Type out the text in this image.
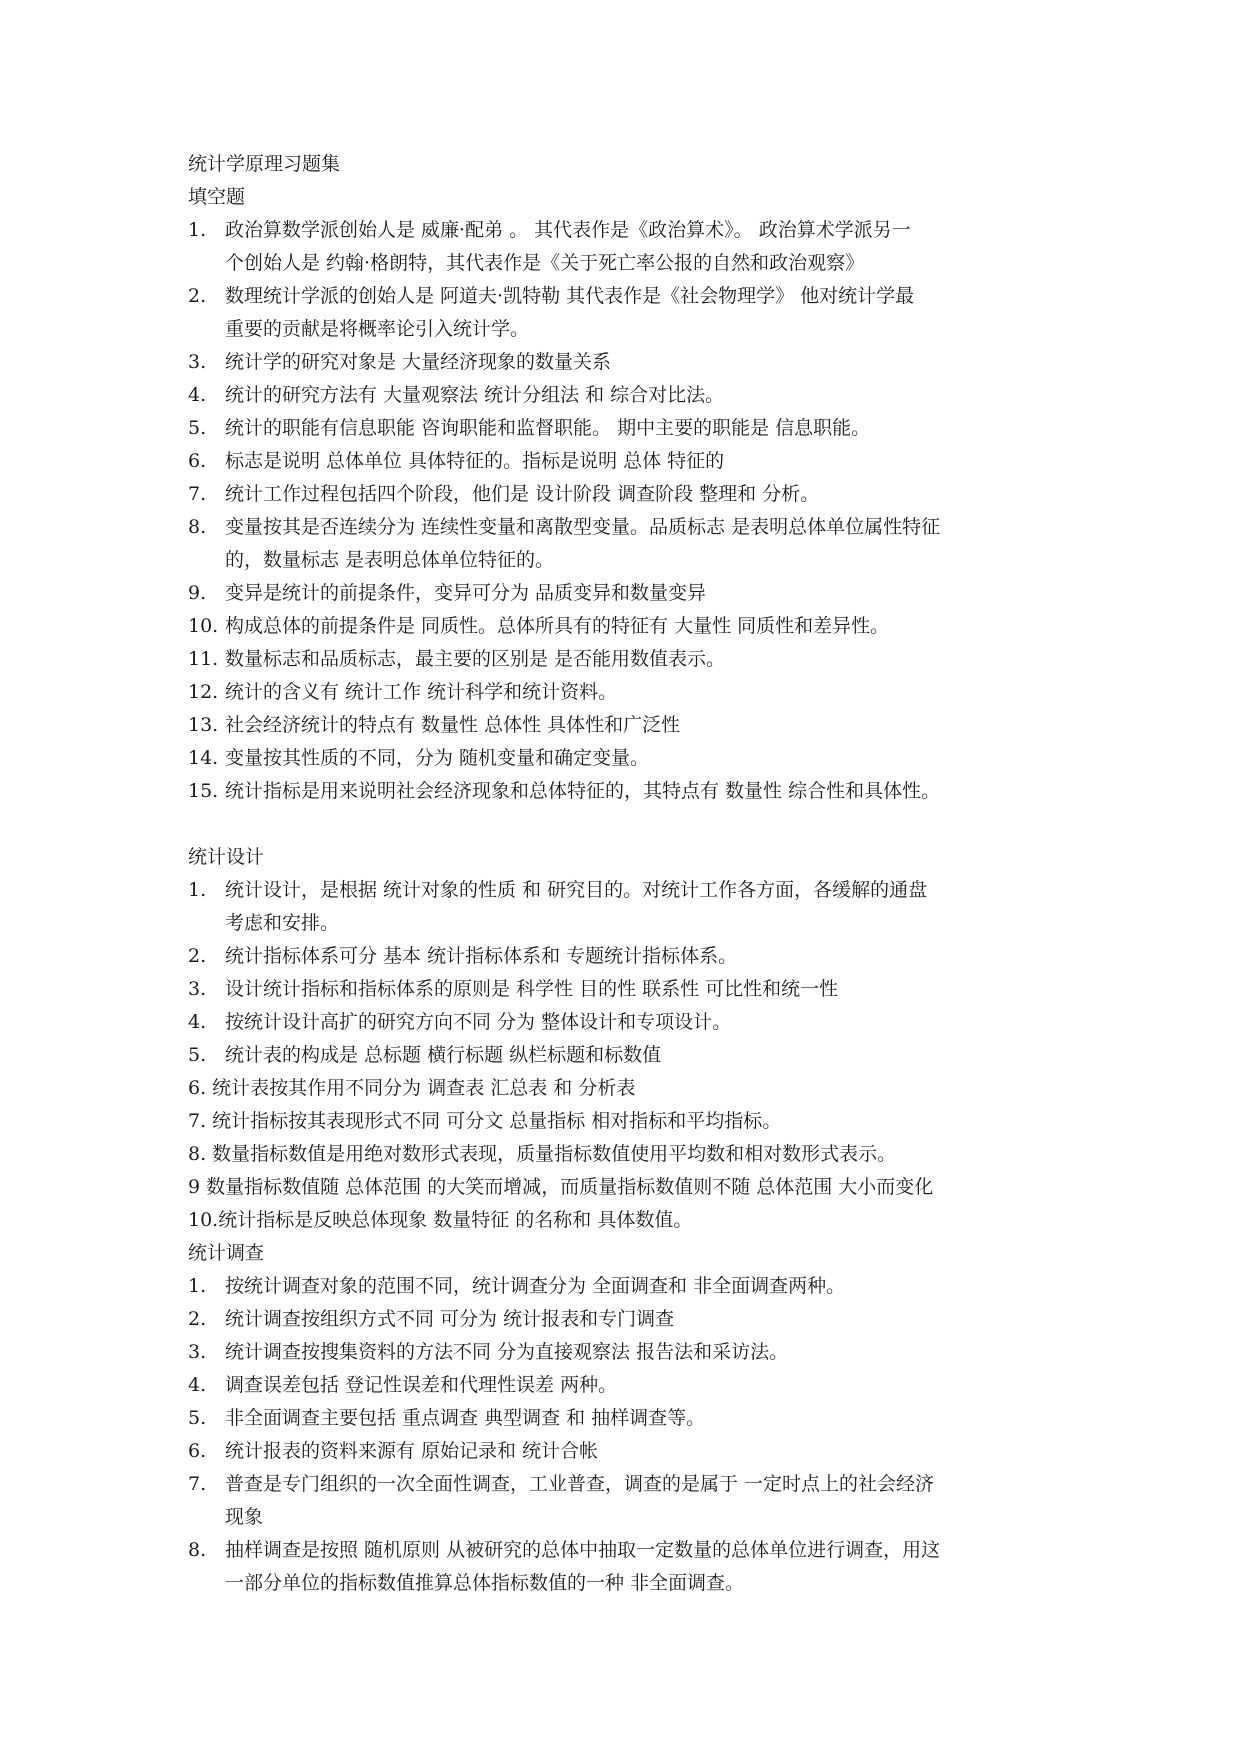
统计学原理习题集
填空题
1. 政治算数学派创始人是 威廉·配弟 。 其代表作是《政治算术》。 政治算术学派另一
个创始人是 约翰·格朗特，其代表作是《关于死亡率公报的自然和政治观察》
2. 数理统计学派的创始人是 阿道夫·凯特勒 其代表作是《社会物理学》 他对统计学最
重要的贡献是将概率论引入统计学。
3. 统计学的研究对象是 大量经济现象的数量关系
4. 统计的研究方法有 大量观察法 统计分组法 和 综合对比法。
5. 统计的职能有信息职能 咨询职能和监督职能。 期中主要的职能是 信息职能。
6. 标志是说明 总体单位 具体特征的。指标是说明 总体 特征的
7. 统计工作过程包括四个阶段，他们是 设计阶段 调查阶段 整理和 分析。
8. 变量按其是否连续分为 连续性变量和离散型变量。品质标志 是表明总体单位属性特征
的，数量标志 是表明总体单位特征的。
9. 变异是统计的前提条件，变异可分为 品质变异和数量变异
10. 构成总体的前提条件是 同质性。总体所具有的特征有 大量性 同质性和差异性。
11. 数量标志和品质标志，最主要的区别是 是否能用数值表示。
12. 统计的含义有 统计工作 统计科学和统计资料。
13. 社会经济统计的特点有 数量性 总体性 具体性和广泛性
14. 变量按其性质的不同，分为 随机变量和确定变量。
15. 统计指标是用来说明社会经济现象和总体特征的，其特点有 数量性 综合性和具体性。
统计设计
1. 统计设计，是根据 统计对象的性质 和 研究目的。对统计工作各方面，各缓解的通盘
考虑和安排。
2. 统计指标体系可分 基本 统计指标体系和 专题统计指标体系。
3. 设计统计指标和指标体系的原则是 科学性 目的性 联系性 可比性和统一性
4. 按统计设计高扩的研究方向不同 分为 整体设计和专项设计。
5. 统计表的构成是 总标题 横行标题 纵栏标题和标数值
6. 统计表按其作用不同分为 调查表 汇总表 和 分析表
7. 统计指标按其表现形式不同 可分文 总量指标 相对指标和平均指标。
8. 数量指标数值是用绝对数形式表现，质量指标数值使用平均数和相对数形式表示。
9 数量指标数值随 总体范围 的大笑而增减，而质量指标数值则不随 总体范围 大小而变化
10.统计指标是反映总体现象 数量特征 的名称和 具体数值。
统计调查
1. 按统计调查对象的范围不同，统计调查分为 全面调查和 非全面调查两种。
2. 统计调查按组织方式不同 可分为 统计报表和专门调查
3. 统计调查按搜集资料的方法不同 分为直接观察法 报告法和采访法。
4. 调查误差包括 登记性误差和代理性误差 两种。
5. 非全面调查主要包括 重点调查 典型调查 和 抽样调查等。
6. 统计报表的资料来源有 原始记录和 统计合帐
7. 普查是专门组织的一次全面性调查，工业普查，调查的是属于 一定时点上的社会经济
现象
8. 抽样调查是按照 随机原则 从被研究的总体中抽取一定数量的总体单位进行调查，用这
一部分单位的指标数值推算总体指标数值的一种 非全面调查。
